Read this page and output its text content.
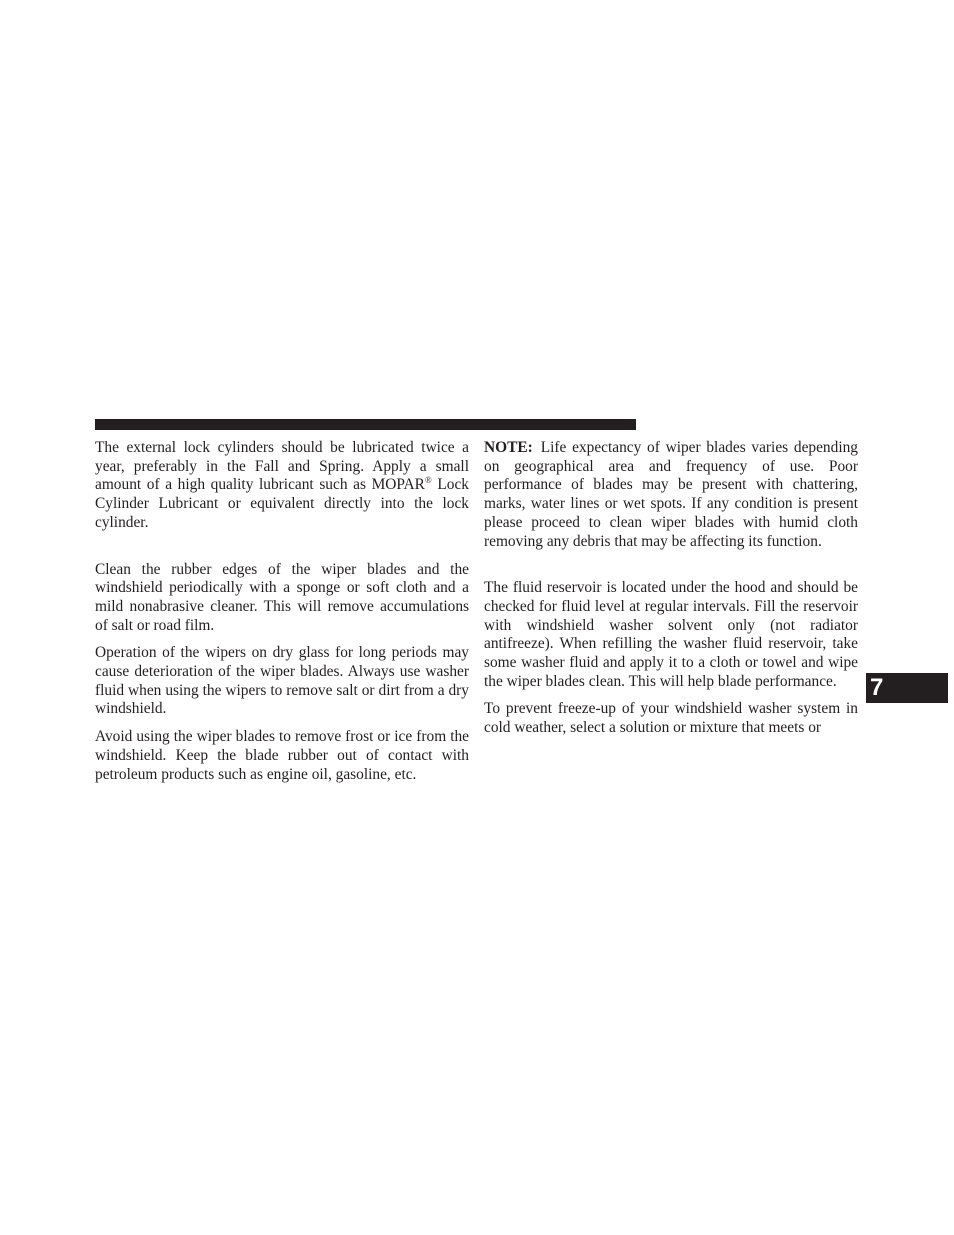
The external lock cylinders should be lubricated twice a year, preferably in the Fall and Spring. Apply a small amount of a high quality lubricant such as MOPAR® Lock Cylinder Lubricant or equivalent directly into the lock cylinder.

Clean the rubber edges of the wiper blades and the windshield periodically with a sponge or soft cloth and a mild nonabrasive cleaner. This will remove accumulations of salt or road film.

Operation of the wipers on dry glass for long periods may cause deterioration of the wiper blades. Always use washer fluid when using the wipers to remove salt or dirt from a dry windshield.

Avoid using the wiper blades to remove frost or ice from the windshield. Keep the blade rubber out of contact with petroleum products such as engine oil, gasoline, etc.

NOTE: Life expectancy of wiper blades varies depending on geographical area and frequency of use. Poor performance of blades may be present with chattering, marks, water lines or wet spots. If any condition is present please proceed to clean wiper blades with humid cloth removing any debris that may be affecting its function.

The fluid reservoir is located under the hood and should be checked for fluid level at regular intervals. Fill the reservoir with windshield washer solvent only (not radiator antifreeze). When refilling the washer fluid reservoir, take some washer fluid and apply it to a cloth or towel and wipe the wiper blades clean. This will help blade performance.

To prevent freeze-up of your windshield washer system in cold weather, select a solution or mixture that meets or

7
